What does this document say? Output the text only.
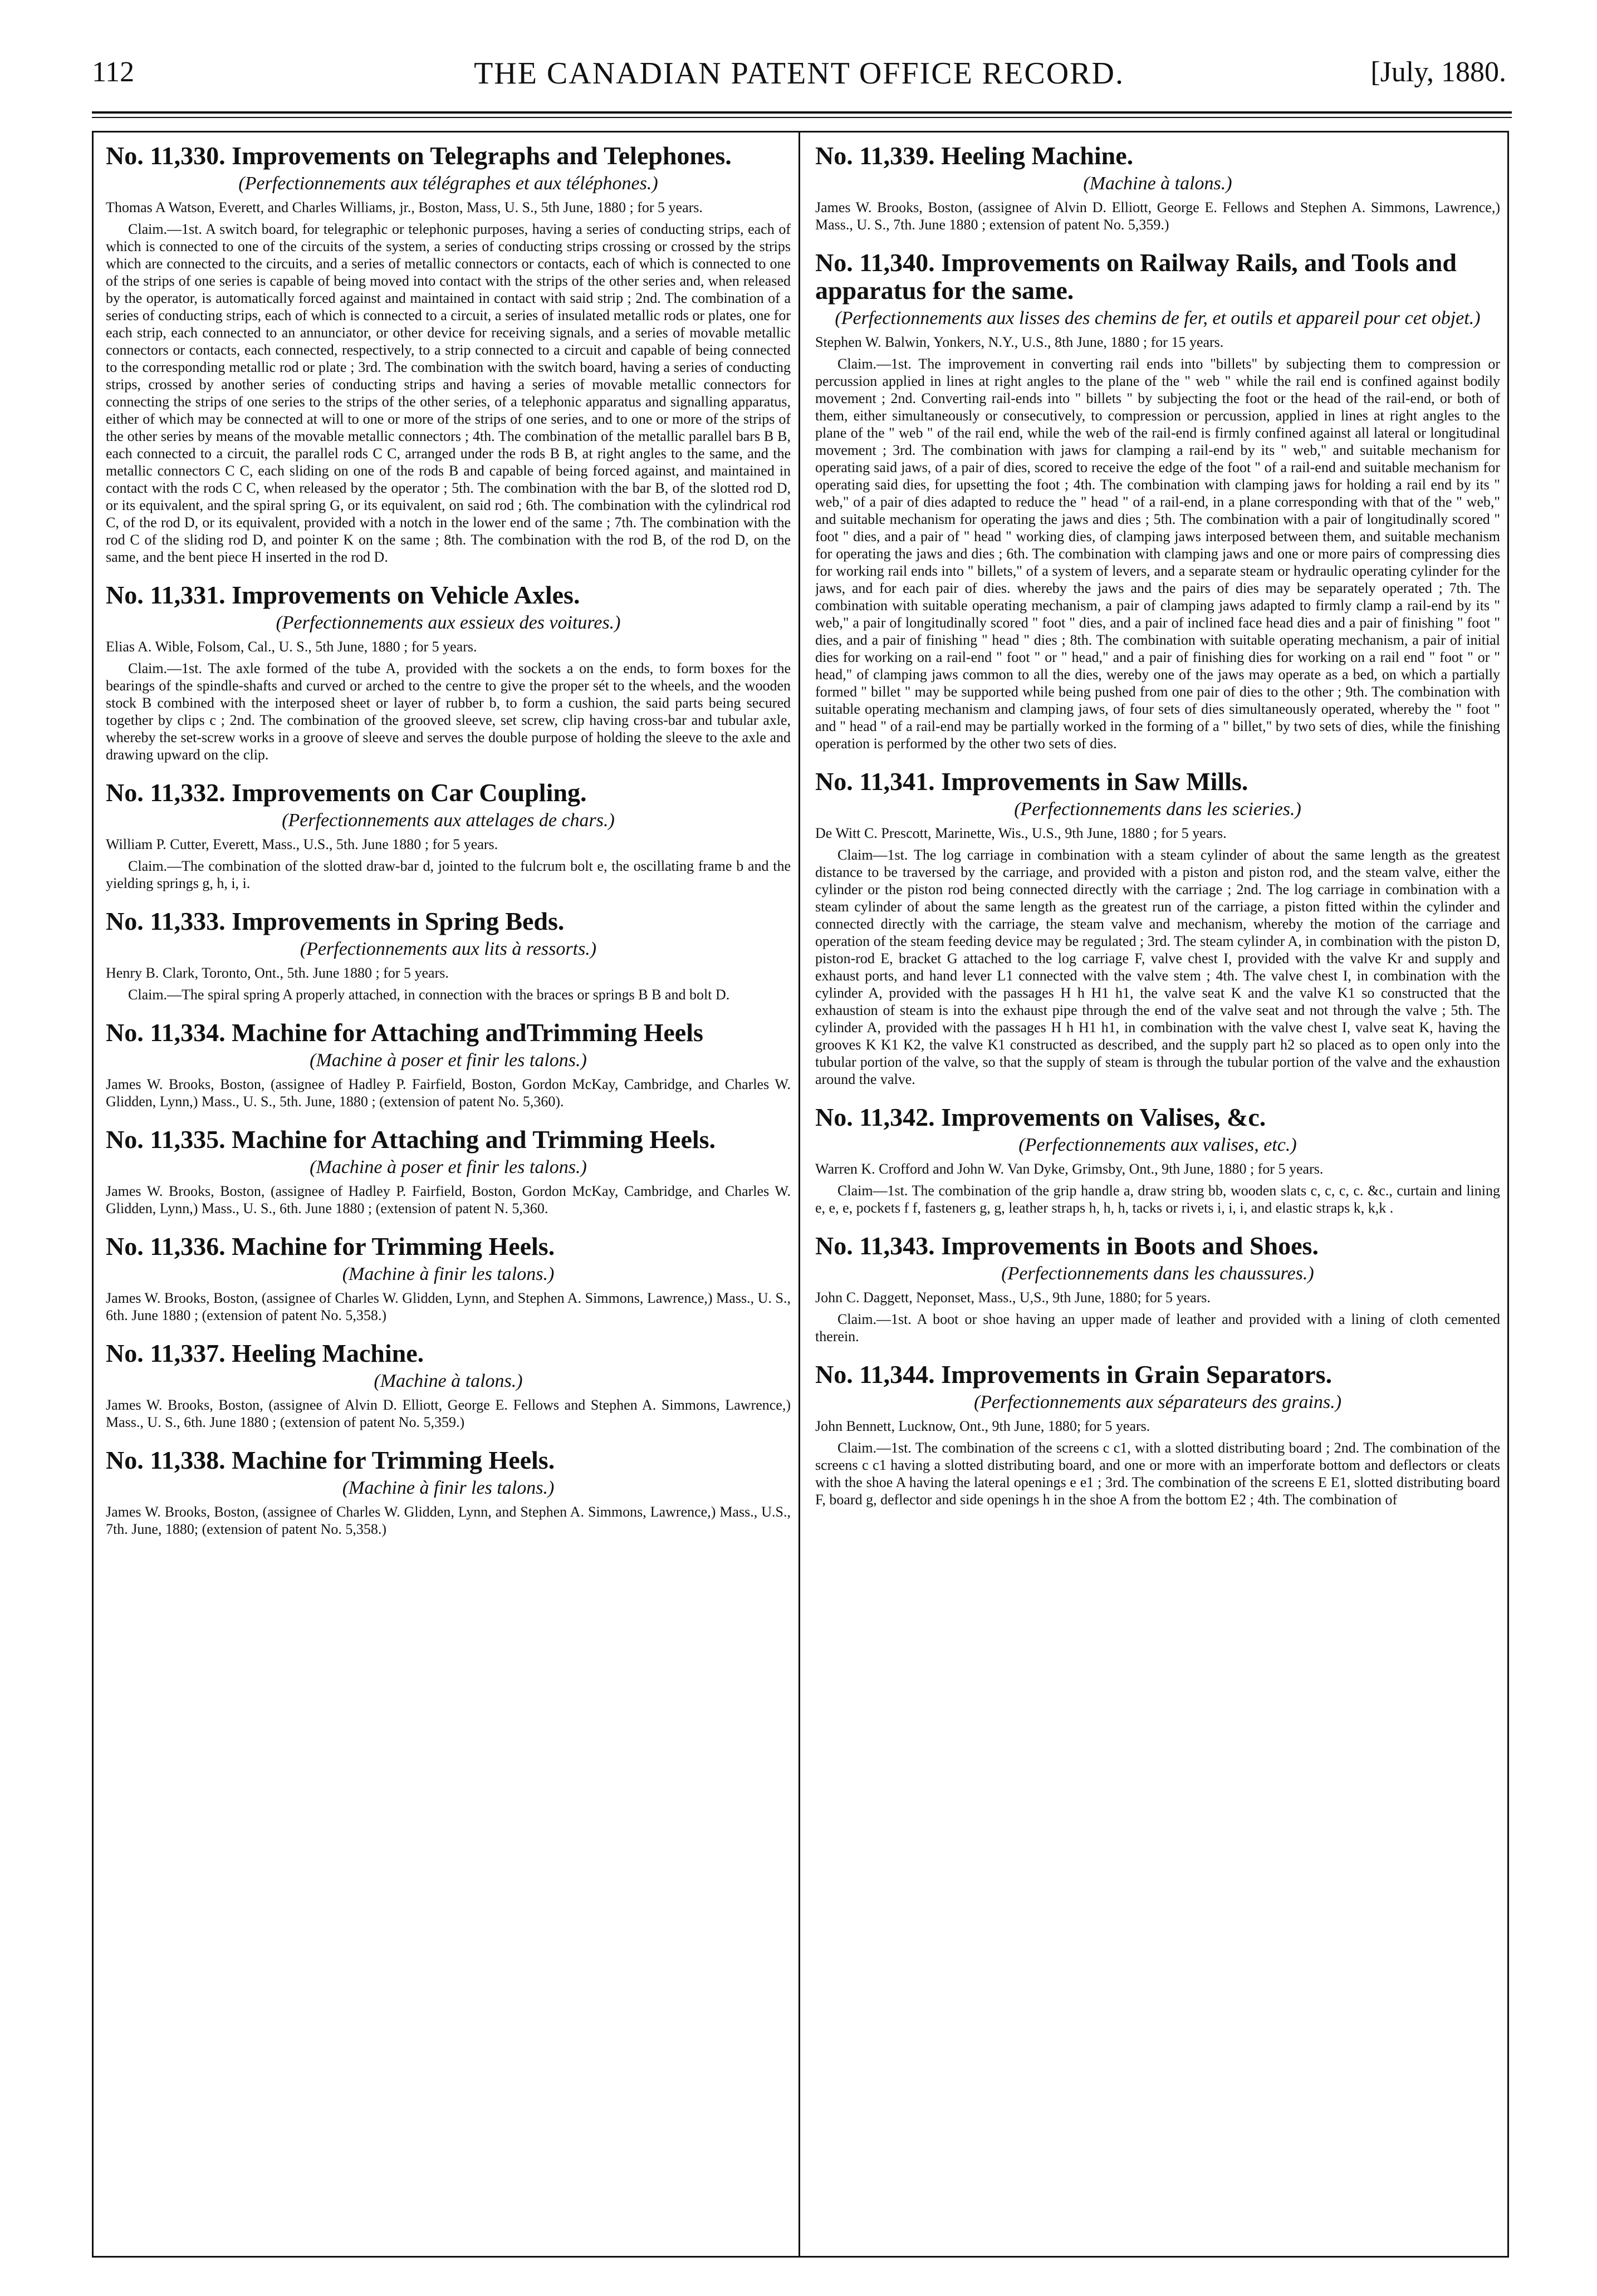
112	THE CANADIAN PATENT OFFICE RECORD.	[July, 1880.
No. 11,330. Improvements on Telegraphs and Telephones.
(Perfectionnements aux télégraphes et aux téléphones.)

Thomas A Watson, Everett, and Charles Williams, jr., Boston, Mass, U. S., 5th June, 1880 ; for 5 years.

Claim.—1st. A switch board, for telegraphic or telephonic purposes, having a series of conducting strips, each of which is connected to one of the circuits of the system, a series of conducting strips crossing or crossed by the strips which are connected to the circuits, and a series of metallic connectors or contacts, each of which is connected to one of the strips of one series is capable of being moved into contact with the strips of the other series and, when released by the operator, is automatically forced against and maintained in contact with said strip ; 2nd. The combination of a series of conducting strips, each of which is connected to a circuit, a series of insulated metallic rods or plates, one for each strip, each connected to an annunciator, or other device for receiving signals, and a series of movable metallic connectors or contacts, each connected, respectively, to a strip connected to a circuit and capable of being connected to the corresponding metallic rod or plate ; 3rd. The combination with the switch board, having a series of conducting strips, crossed by another series of conducting strips and having a series of movable metallic connectors for connecting the strips of one series to the strips of the other series, of a telephonic apparatus and signalling apparatus, either of which may be connected at will to one or more of the strips of one series, and to one or more of the strips of the other series by means of the movable metallic connectors ; 4th. The combination of the metallic parallel bars B B, each connected to a circuit, the parallel rods C C, arranged under the rods B B, at right angles to the same, and the metallic connectors C C, each sliding on one of the rods B and capable of being forced against, and maintained in contact with the rods C C, when released by the operator ; 5th. The combination with the bar B, of the slotted rod D, or its equivalent, and the spiral spring G, or its equivalent, on said rod ; 6th. The combination with the cylindrical rod C, of the rod D, or its equivalent, provided with a notch in the lower end of the same ; 7th. The combination with the rod C of the sliding rod D, and pointer K on the same ; 8th. The combination with the rod B, of the rod D, on the same, and the bent piece H inserted in the rod D.

No. 11,331. Improvements on Vehicle Axles.
(Perfectionnements aux essieux des voitures.)

Elias A. Wible, Folsom, Cal., U. S., 5th June, 1880 ; for 5 years.

Claim.—1st. The axle formed of the tube A, provided with the sockets a on the ends, to form boxes for the bearings of the spindle-shafts and curved or arched to the centre to give the proper sét to the wheels, and the wooden stock B combined with the interposed sheet or layer of rubber b, to form a cushion, the said parts being secured together by clips c ; 2nd. The combination of the grooved sleeve, set screw, clip having cross-bar and tubular axle, whereby the set-screw works in a groove of sleeve and serves the double purpose of holding the sleeve to the axle and drawing upward on the clip.

No. 11,332. Improvements on Car Coupling.
(Perfectionnements aux attelages de chars.)

William P. Cutter, Everett, Mass., U.S., 5th. June 1880 ; for 5 years.

Claim.—The combination of the slotted draw-bar d, jointed to the fulcrum bolt e, the oscillating frame b and the yielding springs g, h, i, i.

No. 11,333. Improvements in Spring Beds.
(Perfectionnements aux lits à ressorts.)

Henry B. Clark, Toronto, Ont., 5th. June 1880 ; for 5 years.

Claim.—The spiral spring A properly attached, in connection with the braces or springs B B and bolt D.

No. 11,334. Machine for Attaching andTrimming Heels
(Machine à poser et finir les talons.)

James W. Brooks, Boston, (assignee of Hadley P. Fairfield, Boston, Gordon McKay, Cambridge, and Charles W. Glidden, Lynn,) Mass., U. S., 5th. June, 1880 ; (extension of patent No. 5,360).

No. 11,335. Machine for Attaching and Trimming Heels.
(Machine à poser et finir les talons.)

James W. Brooks, Boston, (assignee of Hadley P. Fairfield, Boston, Gordon McKay, Cambridge, and Charles W. Glidden, Lynn,) Mass., U. S., 6th. June 1880 ; (extension of patent N. 5,360.

No. 11,336. Machine for Trimming Heels.
(Machine à finir les talons.)

James W. Brooks, Boston, (assignee of Charles W. Glidden, Lynn, and Stephen A. Simmons, Lawrence,) Mass., U. S., 6th. June 1880 ; (extension of patent No. 5,358.)

No. 11,337. Heeling Machine.
(Machine à talons.)

James W. Brooks, Boston, (assignee of Alvin D. Elliott, George E. Fellows and Stephen A. Simmons, Lawrence,) Mass., U. S., 6th. June 1880 ; (extension of patent No. 5,359.)

No. 11,338. Machine for Trimming Heels.
(Machine à finir les talons.)

James W. Brooks, Boston, (assignee of Charles W. Glidden, Lynn, and Stephen A. Simmons, Lawrence,) Mass., U.S., 7th. June, 1880; (extension of patent No. 5,358.)

No. 11,339. Heeling Machine.
(Machine à talons.)

James W. Brooks, Boston, (assignee of Alvin D. Elliott, George E. Fellows and Stephen A. Simmons, Lawrence,) Mass., U. S., 7th. June 1880 ; extension of patent No. 5,359.)

No. 11,340. Improvements on Railway Rails, and Tools and apparatus for the same.
(Perfectionnements aux lisses des chemins de fer, et outils et appareil pour cet objet.)

Stephen W. Balwin, Yonkers, N.Y., U.S., 8th June, 1880 ; for 15 years.

Claim.—1st. The improvement in converting rail ends into "billets" by subjecting them to compression or percussion applied in lines at right angles to the plane of the " web " while the rail end is confined against bodily movement ; 2nd. Converting rail-ends into " billets " by subjecting the foot or the head of the rail-end, or both of them, either simultaneously or consecutively, to compression or percussion, applied in lines at right angles to the plane of the " web " of the rail end, while the web of the rail-end is firmly confined against all lateral or longitudinal movement ; 3rd. The combination with jaws for clamping a rail-end by its " web," and suitable mechanism for operating said jaws, of a pair of dies, scored to receive the edge of the foot " of a rail-end and suitable mechanism for operating said dies, for upsetting the foot ; 4th. The combination with clamping jaws for holding a rail end by its " web," of a pair of dies adapted to reduce the " head " of a rail-end, in a plane corresponding with that of the " web," and suitable mechanism for operating the jaws and dies ; 5th. The combination with a pair of longitudinally scored " foot " dies, and a pair of " head " working dies, of clamping jaws interposed between them, and suitable mechanism for operating the jaws and dies ; 6th. The combination with clamping jaws and one or more pairs of compressing dies for working rail ends into " billets," of a system of levers, and a separate steam or hydraulic operating cylinder for the jaws, and for each pair of dies. whereby the jaws and the pairs of dies may be separately operated ; 7th. The combination with suitable operating mechanism, a pair of clamping jaws adapted to firmly clamp a rail-end by its " web," a pair of longitudinally scored " foot " dies, and a pair of inclined face head dies and a pair of finishing " foot " dies, and a pair of finishing " head " dies ; 8th. The combination with suitable operating mechanism, a pair of initial dies for working on a rail-end " foot " or " head," and a pair of finishing dies for working on a rail end " foot " or " head," of clamping jaws common to all the dies, wereby one of the jaws may operate as a bed, on which a partially formed " billet " may be supported while being pushed from one pair of dies to the other ; 9th. The combination with suitable operating mechanism and clamping jaws, of four sets of dies simultaneously operated, whereby the " foot " and " head " of a rail-end may be partially worked in the forming of a " billet," by two sets of dies, while the finishing operation is performed by the other two sets of dies.

No. 11,341. Improvements in Saw Mills.
(Perfectionnements dans les scieries.)

De Witt C. Prescott, Marinette, Wis., U.S., 9th June, 1880 ; for 5 years.

Claim—1st. The log carriage in combination with a steam cylinder of about the same length as the greatest distance to be traversed by the carriage, and provided with a piston and piston rod, and the steam valve, either the cylinder or the piston rod being connected directly with the carriage ; 2nd. The log carriage in combination with a steam cylinder of about the same length as the greatest run of the carriage, a piston fitted within the cylinder and connected directly with the carriage, the steam valve and mechanism, whereby the motion of the carriage and operation of the steam feeding device may be regulated ; 3rd. The steam cylinder A, in combination with the piston D, piston-rod E, bracket G attached to the log carriage F, valve chest I, provided with the valve Kr and supply and exhaust ports, and hand lever L1 connected with the valve stem ; 4th. The valve chest I, in combination with the cylinder A, provided with the passages H h H1 h1, the valve seat K and the valve K1 so constructed that the exhaustion of steam is into the exhaust pipe through the end of the valve seat and not through the valve ; 5th. The cylinder A, provided with the passages H h H1 h1, in combination with the valve chest I, valve seat K, having the grooves K K1 K2, the valve K1 constructed as described, and the supply part h2 so placed as to open only into the tubular portion of the valve, so that the supply of steam is through the tubular portion of the valve and the exhaustion around the valve.

No. 11,342. Improvements on Valises, &c.
(Perfectionnements aux valises, etc.)

Warren K. Crofford and John W. Van Dyke, Grimsby, Ont., 9th June, 1880 ; for 5 years.

Claim—1st. The combination of the grip handle a, draw string bb, wooden slats c, c, c, c. &c., curtain and lining e, e, e, pockets f f, fasteners g, g, leather straps h, h, h, tacks or rivets i, i, i, and elastic straps k, k,k .

No. 11,343. Improvements in Boots and Shoes.
(Perfectionnements dans les chaussures.)

John C. Daggett, Neponset, Mass., U,S., 9th June, 1880; for 5 years.

Claim.—1st. A boot or shoe having an upper made of leather and provided with a lining of cloth cemented therein.

No. 11,344. Improvements in Grain Separators.
(Perfectionnements aux séparateurs des grains.)

John Bennett, Lucknow, Ont., 9th June, 1880; for 5 years.

Claim.—1st. The combination of the screens c c1, with a slotted distributing board ; 2nd. The combination of the screens c c1 having a slotted distributing board, and one or more with an imperforate bottom and deflectors or cleats with the shoe A having the lateral openings e e1 ; 3rd. The combination of the screens E E1, slotted distributing board F, board g, deflector and side openings h in the shoe A from the bottom E2 ; 4th. The combination of
